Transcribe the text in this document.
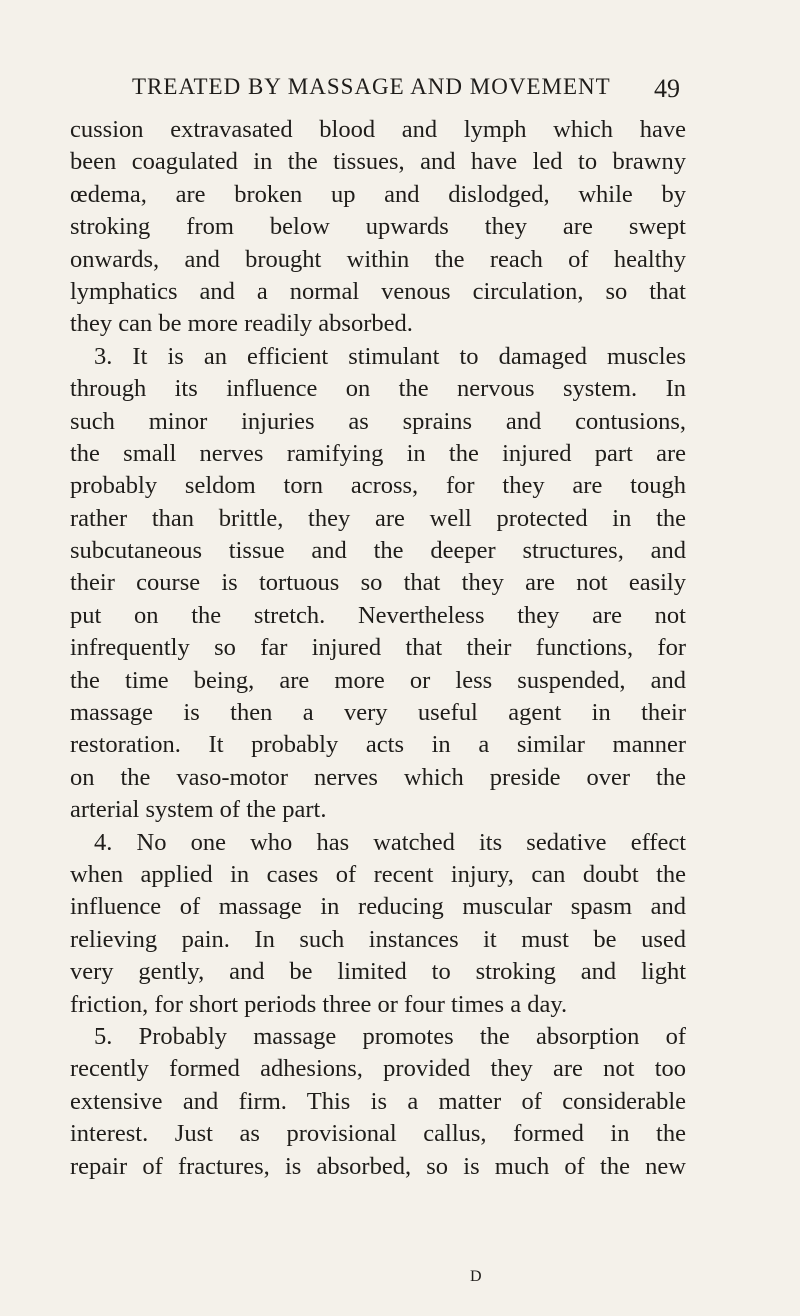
TREATED BY MASSAGE AND MOVEMENT 49
cussion extravasated blood and lymph which have
been coagulated in the tissues, and have led to brawny
œdema, are broken up and dislodged, while by
stroking from below upwards they are swept
onwards, and brought within the reach of healthy
lymphatics and a normal venous circulation, so that
they can be more readily absorbed.
3. It is an efficient stimulant to damaged muscles
through its influence on the nervous system. In
such minor injuries as sprains and contusions,
the small nerves ramifying in the injured part are
probably seldom torn across, for they are tough
rather than brittle, they are well protected in the
subcutaneous tissue and the deeper structures, and
their course is tortuous so that they are not easily
put on the stretch. Nevertheless they are not
infrequently so far injured that their functions, for
the time being, are more or less suspended, and
massage is then a very useful agent in their
restoration. It probably acts in a similar manner
on the vaso-motor nerves which preside over the
arterial system of the part.
4. No one who has watched its sedative effect
when applied in cases of recent injury, can doubt the
influence of massage in reducing muscular spasm and
relieving pain. In such instances it must be used
very gently, and be limited to stroking and light
friction, for short periods three or four times a day.
5. Probably massage promotes the absorption of
recently formed adhesions, provided they are not too
extensive and firm. This is a matter of considerable
interest. Just as provisional callus, formed in the
repair of fractures, is absorbed, so is much of the new
D
